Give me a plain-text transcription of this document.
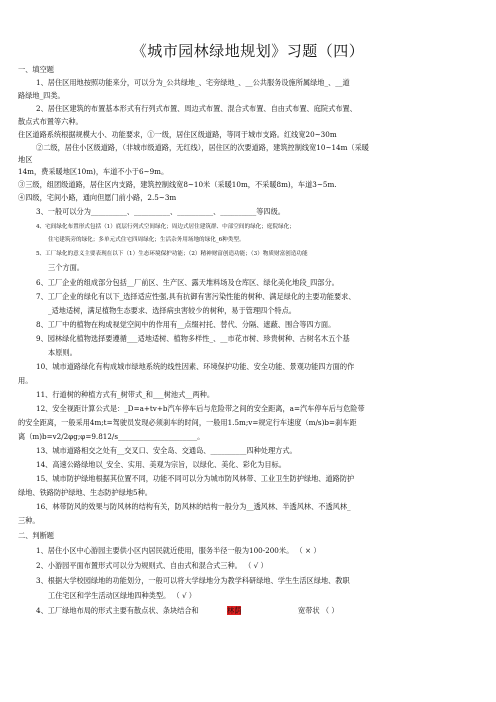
《城市园林绿地规划》习题（四）
一、填空题
二、判断题
1、居住区用地按照功能来分，可以分为_公共绿地_、宅旁绿地_、__公共服务设施所属绿地_、__道
路绿地_四类。
2、居住区建筑的布置基本形式有行列式布置、周边式布置、混合式布置、自由式布置、庭院式布置、
散点式布置等六种。
住区道路系统根据规模大小、功能要求，①一级，居住区级道路，等同于城市支路。红线宽20~30m
②二级，居住小区级道路，（非城市级道路，无红线），居住区的次要道路，建筑控制线宽10~14m（采暖
地区
14m，费采暖地区10m)，车道不小于6~9m。
③三级，组团级道路，居住区内支路，建筑控制线宽8~10米（采暖10m，不采暖8m)，车道3~5m.
④四级，宅间小路，通向但愿门前小路，2.5~3m
3、一般可以分为__________、__________、__________、__________等四级。
4、宅间绿化布置形式包括（1）底层行列式空间绿化；周边式居住建筑群、中部空间的绿化；庭院绿化；
住宅建筑旁的绿化；多单元式住宅四周绿化；生活杂务用场地的绿化_6种类型。
5、工厂绿化的意义主要表现在以下（1）生态环境保护功能；（2）精神财富创造功能；（3）物质财富创造功能
三个方面。
6、工厂企业的组成部分包括__厂前区、生产区、露天堆料场及仓库区、绿化美化地段_四部分。
7、工厂企业的绿化有以下_选择适应性强,具有抗御有害污染性能的树种、满足绿化的主要功能要求、
_适地适树，满足植物生态要求、选择病虫害较少的树种，易于管理四个特点。
8、工厂中的植物在构成视觉空间中的作用有__点缀衬托、替代、分隔、遮蔽、围合等四方面。
9、园林绿化植物选择要遵循___适地适树、植物多样性_、__市花市树、珍贵树种、古树名木五个基
本原则。
10、城市道路绿化有构成城市绿地系统的线性因素、环境保护功能、安全功能、景观功能四方面的作
用。
11、行道树的种植方式有_树带式_和___树池式__两种。
12、安全视距计算公式是：_D=a+tv+b汽车停车后与危险带之间的安全距离，a=汽车停车后与危险带
的安全距离，一般采用4m;t=驾驶员发现必须刹车的时间，一般用1.5m;v=规定行车速度（m/s)b=刹车距
离（m)b=v2/2φg;φ=9.812/s______________________。
13、城市道路相交之处有__交叉口、安全岛、交通岛、__________四种处理方式。
14、高速公路绿地以_安全、实用、美观为宗旨，以绿化、美化、彩化为目标。
15、城市防护绿地根据其位置不同，功能不同可以分为城市防风林带、工业卫生防护绿地、道路防护
绿地、铁路防护绿地、生态防护绿地5种。
16、林带防风的效果与防风林的结构有关，防风林的结构一般分为__透风林、半透风林、不透风林_
三种。
1、居住小区中心游园主要供小区内居民就近使用，服务半径一般为100-200米。 （ × ）
2、小游园平面布置形式可以分为规则式、自由式和混合式三种。 （ √ ）
3、根据大学校园绿地的功能划分，一般可以将大学绿地分为教学科研绿地、学生生活区绿地、教职
工住宅区和学生活动区绿地四种类型。 （ √ ）
4、工厂绿地布局的形式主要有散点状、条块结合和	林荫	宽带状 （ ）
